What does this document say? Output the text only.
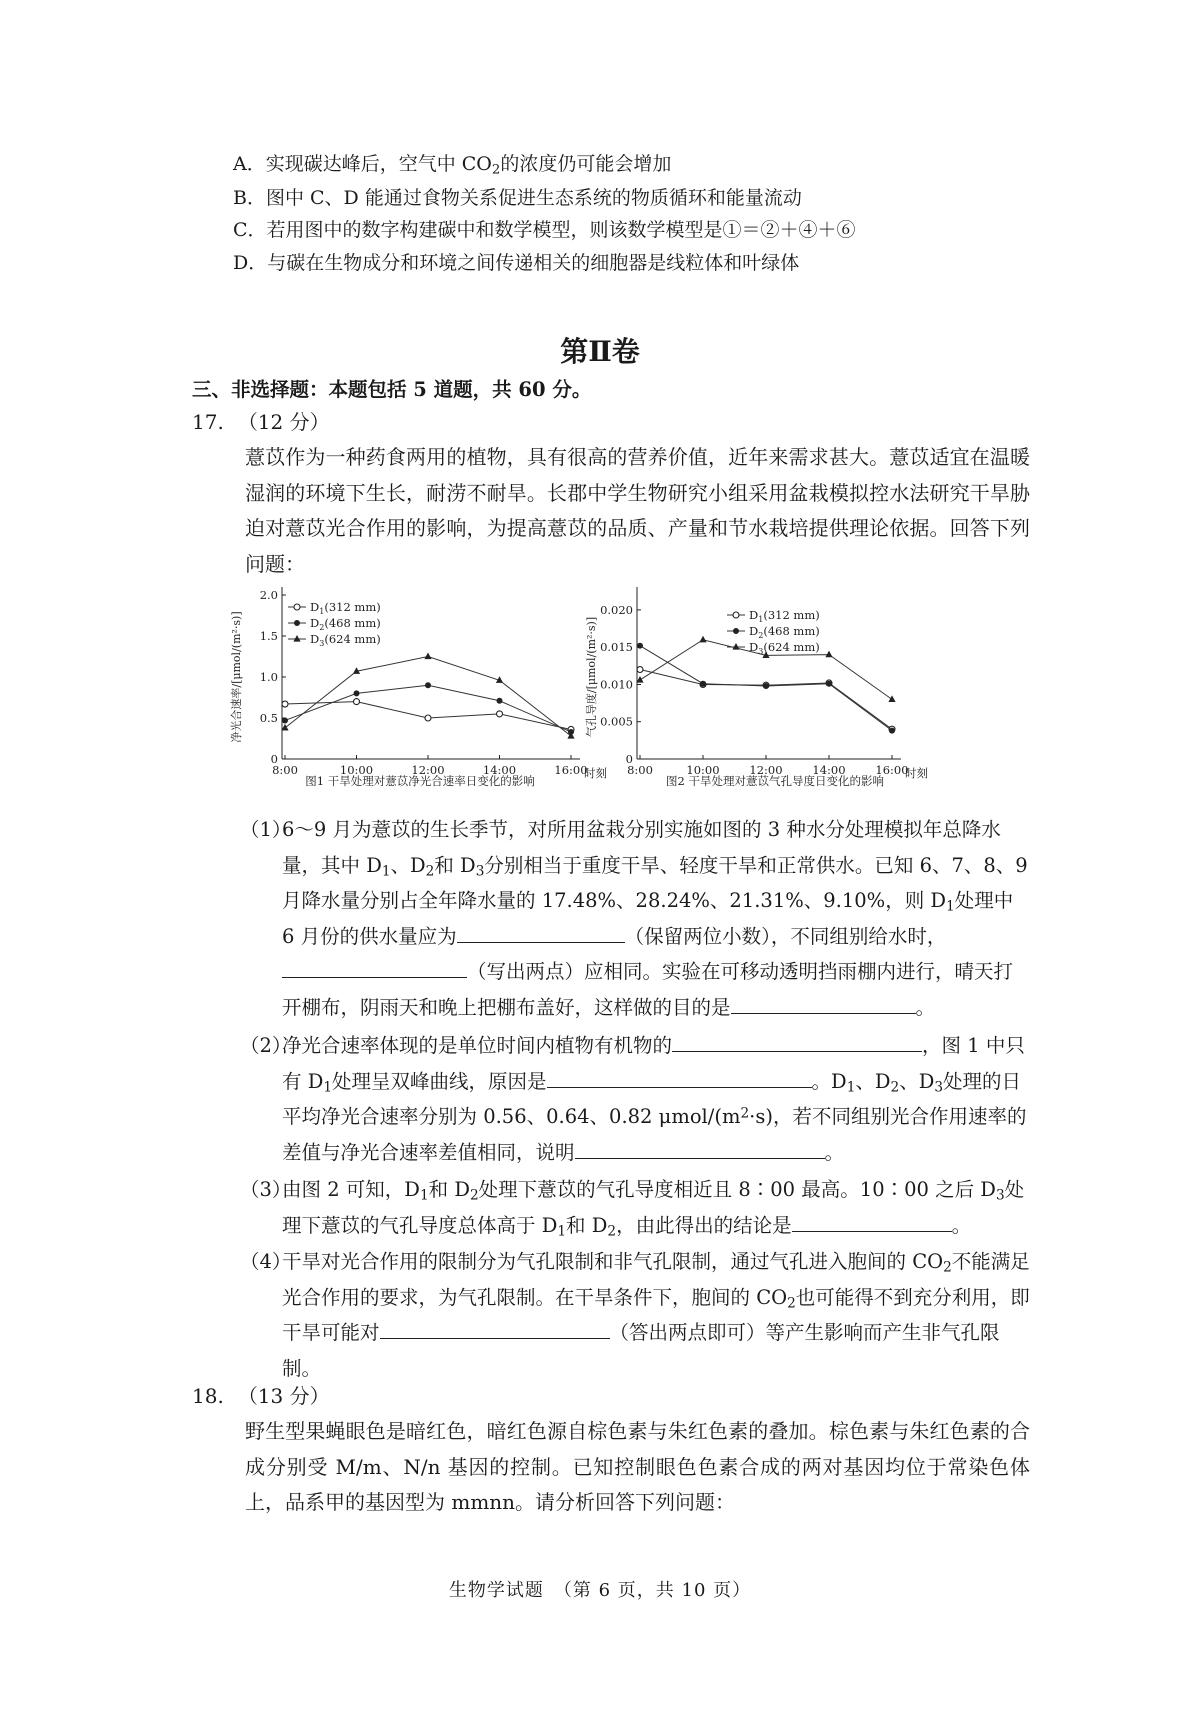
A．实现碳达峰后，空气中 $CO_2$的浓度仍可能会增加
B．图中 C、D 能通过食物关系促进生态系统的物质循环和能量流动
C．若用图中的数字构建碳中和数学模型，则该数学模型是①＝②＋④＋⑥
D．与碳在生物成分和环境之间传递相关的细胞器是线粒体和叶绿体
第Ⅱ卷
三、非选择题：本题包括 5 道题，共 60 分。
17. （12 分）
薏苡作为一种药食两用的植物，具有很高的营养价值，近年来需求甚大。薏苡适宜在温暖湿润的环境下生长，耐涝不耐旱。长郡中学生物研究小组采用盆栽模拟控水法研究干旱胁迫对薏苡光合作用的影响，为提高薏苡的品质、产量和节水栽培提供理论依据。回答下列问题：
0
0.5
1.0
1.5
2.0
8:00	10:00	12:00	14:00	16:00
时刻
净光合速率/[μmol/(m²·s)]
$D_1(312$ mm)
$D_2(468$ mm)
$D_3(624$ mm)
图1 干旱处理对薏苡净光合速率日变化的影响
0
0.005
0.010
0.015
0.020
8:00	10:00	12:00	14:00	16:00
时刻
气孔导度/[μmol/(m²·s)]
$D_1(312$ mm)
$D_2(468$ mm)
$D_3(624$ mm)
图2 干旱处理对薏苡气孔导度日变化的影响
（1）
6～9 月为薏苡的生长季节，对所用盆栽分别实施如图的 3 种水分处理模拟年总降水量，其中 $D_1$、$D_2$和 $D_3$分别相当于重度干旱、轻度干旱和正常供水。已知 6、7、8、9 月降水量分别占全年降水量的 17.48%、28.24%、21.31%、9.10%，则 $D_1$处理中 6 月份的供水量应为	（保留两位小数），不同组别给水时，（写出两点）应相同。实验在可移动透明挡雨棚内进行，晴天打开棚布，阴雨天和晚上把棚布盖好，这样做的目的是	。
（2）
净光合速率体现的是单位时间内植物有机物的	，图 1 中只有 $D_1$处理呈双峰曲线，原因是	。$D_1$、$D_2$、$D_3$处理的日平均净光合速率分别为 0.56、0.64、0.82 μmol/$(m^2\cdot s)$，若不同组别光合作用速率的差值与净光合速率差值相同，说明	。
（3）
由图 2 可知，$D_1$和 $D_2$处理下薏苡的气孔导度相近且 8∶00 最高。10∶00 之后 $D_3$处理下薏苡的气孔导度总体高于 $D_1$和 $D_2$，由此得出的结论是	。
（4）
干旱对光合作用的限制分为气孔限制和非气孔限制，通过气孔进入胞间的 $CO_2$不能满足光合作用的要求，为气孔限制。在干旱条件下，胞间的 $CO_2$也可能得不到充分利用，即干旱可能对	（答出两点即可）等产生影响而产生非气孔限制。
18. （13 分）
野生型果蝇眼色是暗红色，暗红色源自棕色素与朱红色素的叠加。棕色素与朱红色素的合成分别受 M/m、N/n 基因的控制。已知控制眼色色素合成的两对基因均位于常染色体上，品系甲的基因型为 mmnn。请分析回答下列问题：
生物学试题　（第 6 页，共 10 页）
